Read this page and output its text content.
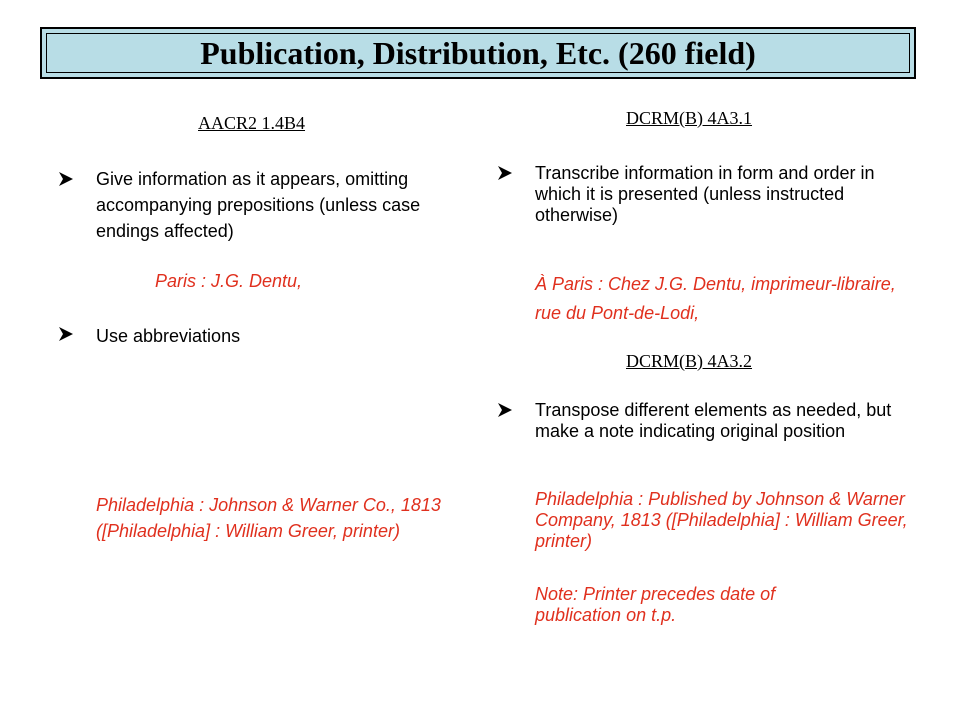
Publication, Distribution, Etc. (260 field)
AACR2 1.4B4
Give information as it appears, omitting accompanying prepositions (unless case endings affected)
Paris : J.G. Dentu,
Use abbreviations
Philadelphia : Johnson & Warner Co., 1813 ([Philadelphia] : William Greer, printer)
DCRM(B) 4A3.1
Transcribe information in form and order in which it is presented (unless instructed otherwise)
À Paris : Chez J.G. Dentu, imprimeur-libraire, rue du Pont-de-Lodi,
DCRM(B) 4A3.2
Transpose different elements as needed, but make a note indicating original position
Philadelphia : Published by Johnson & Warner Company, 1813 ([Philadelphia] : William Greer, printer)
Note: Printer precedes date of publication on t.p.
